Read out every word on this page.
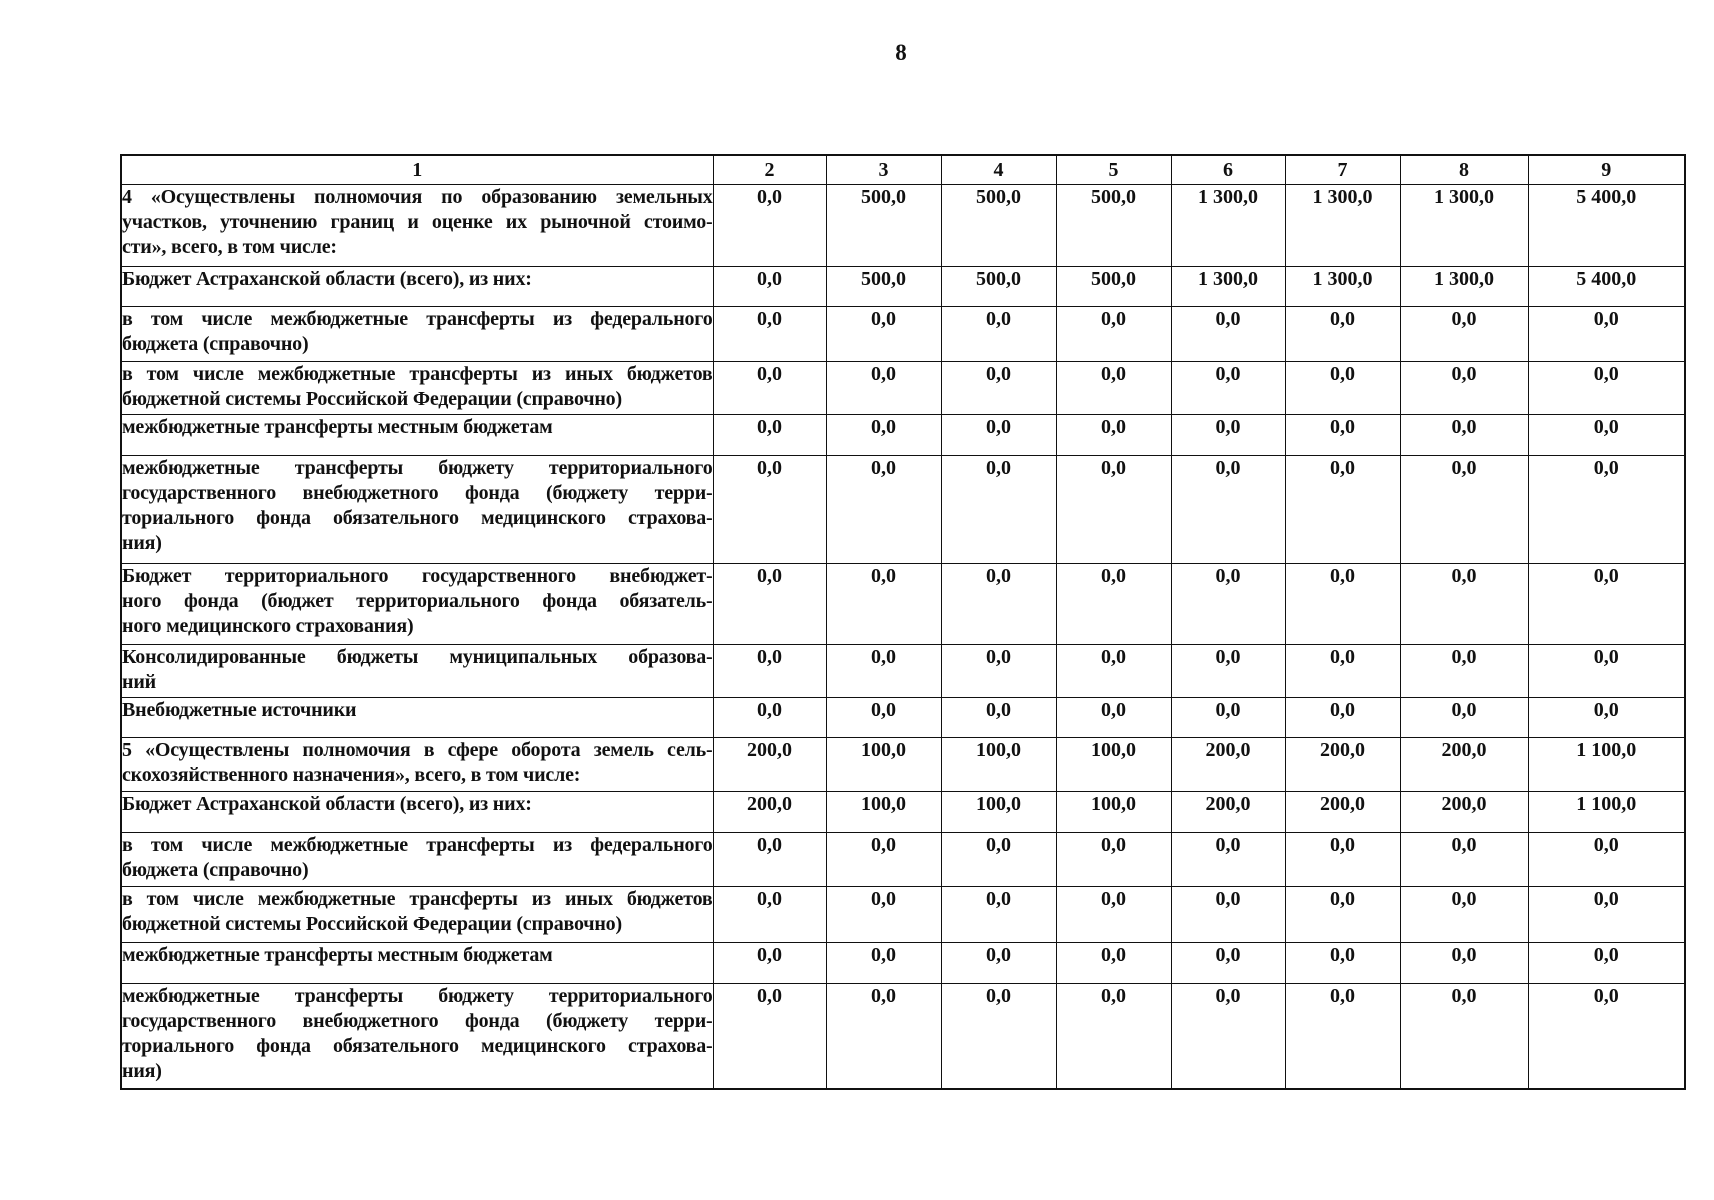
8
1	2	3	4	5	6	7	8	9

4 «Осуществлены полномочия по образованию земельных
участков, уточнению границ и оценке их рыночной стоимо-
сти», всего, в том числе:	0,0	500,0	500,0	500,0	1 300,0	1 300,0	1 300,0	5 400,0

Бюджет Астраханской области (всего), из них:	0,0	500,0	500,0	500,0	1 300,0	1 300,0	1 300,0	5 400,0

в том числе межбюджетные трансферты из федерального
бюджета (справочно)	0,0	0,0	0,0	0,0	0,0	0,0	0,0	0,0

в том числе межбюджетные трансферты из иных бюджетов
бюджетной системы Российской Федерации (справочно)	0,0	0,0	0,0	0,0	0,0	0,0	0,0	0,0

межбюджетные трансферты местным бюджетам	0,0	0,0	0,0	0,0	0,0	0,0	0,0	0,0

межбюджетные трансферты бюджету территориального
государственного внебюджетного фонда (бюджету терри-
ториального фонда обязательного медицинского страхова-
ния)	0,0	0,0	0,0	0,0	0,0	0,0	0,0	0,0

Бюджет территориального государственного внебюджет-
ного фонда (бюджет территориального фонда обязатель-
ного медицинского страхования)	0,0	0,0	0,0	0,0	0,0	0,0	0,0	0,0

Консолидированные бюджеты муниципальных образова-
ний	0,0	0,0	0,0	0,0	0,0	0,0	0,0	0,0

Внебюджетные источники	0,0	0,0	0,0	0,0	0,0	0,0	0,0	0,0

5 «Осуществлены полномочия в сфере оборота земель сель-
скохозяйственного назначения», всего, в том числе:	200,0	100,0	100,0	100,0	200,0	200,0	200,0	1 100,0

Бюджет Астраханской области (всего), из них:	200,0	100,0	100,0	100,0	200,0	200,0	200,0	1 100,0

в том числе межбюджетные трансферты из федерального
бюджета (справочно)	0,0	0,0	0,0	0,0	0,0	0,0	0,0	0,0

в том числе межбюджетные трансферты из иных бюджетов
бюджетной системы Российской Федерации (справочно)	0,0	0,0	0,0	0,0	0,0	0,0	0,0	0,0

межбюджетные трансферты местным бюджетам	0,0	0,0	0,0	0,0	0,0	0,0	0,0	0,0

межбюджетные трансферты бюджету территориального
государственного внебюджетного фонда (бюджету терри-
ториального фонда обязательного медицинского страхова-
ния)	0,0	0,0	0,0	0,0	0,0	0,0	0,0	0,0
